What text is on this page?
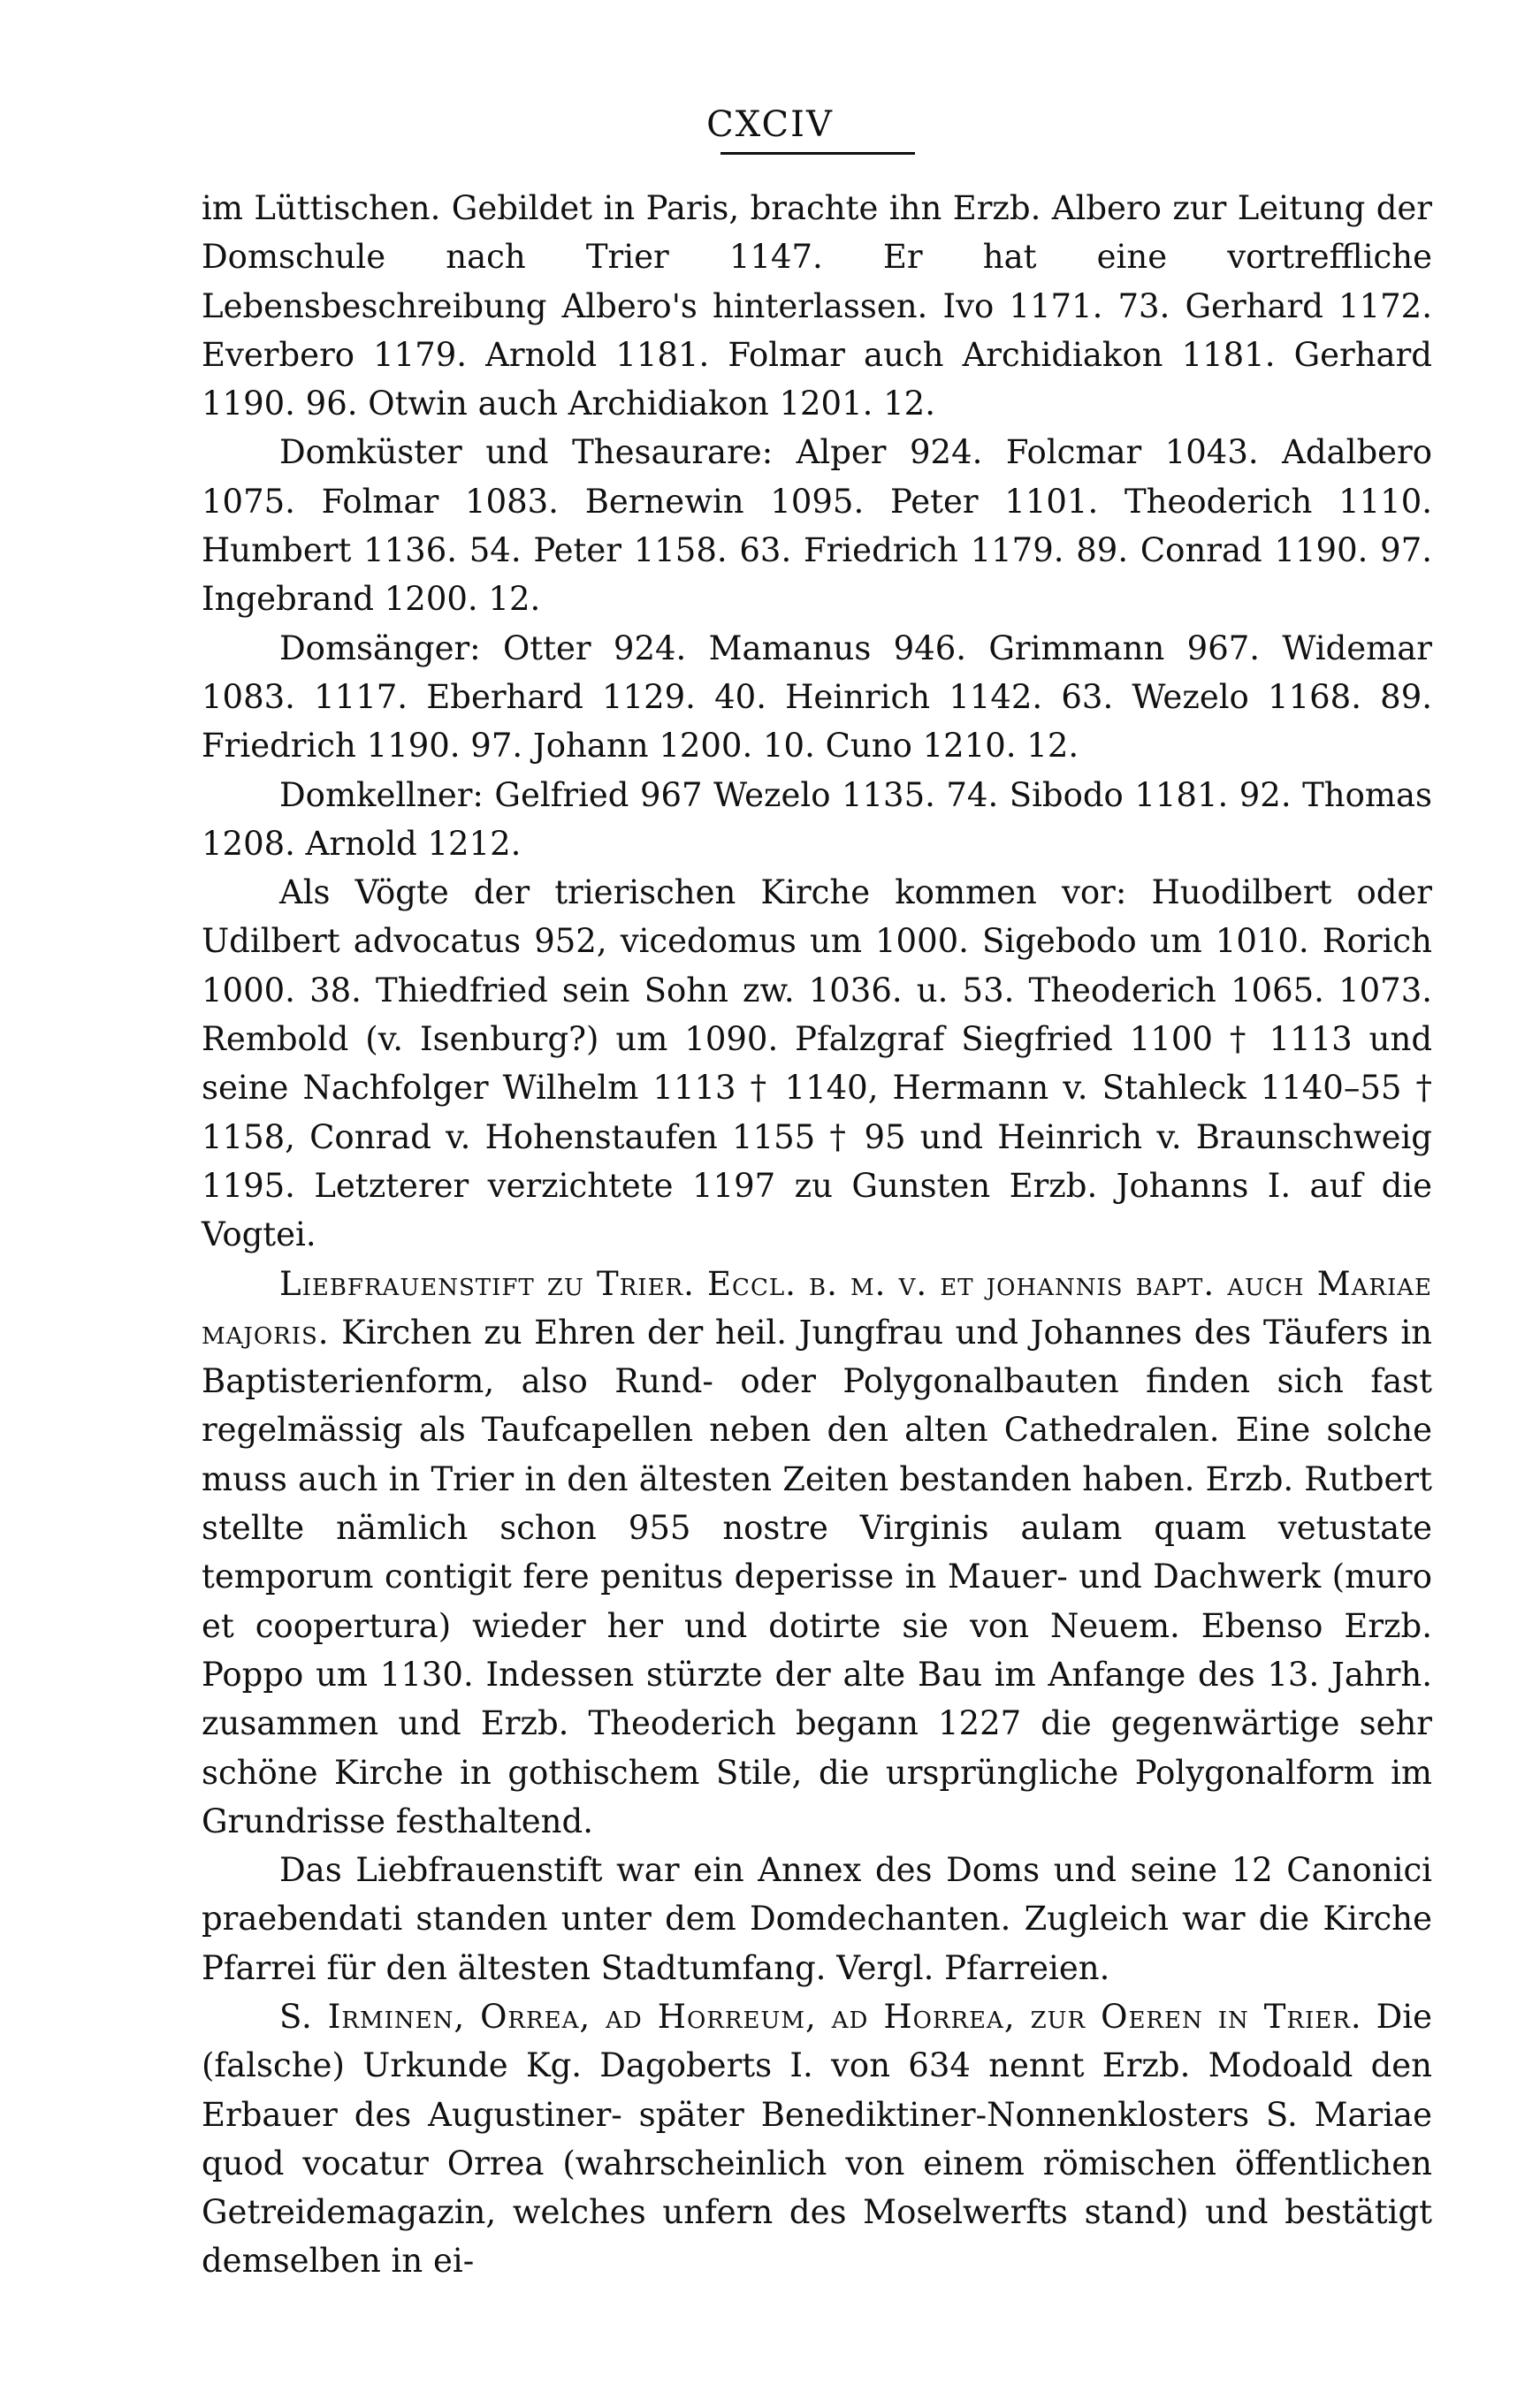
CXCIV

im Lüttischen. Gebildet in Paris, brachte ihn Erzb. Albero zur Leitung der Domschule nach Trier 1147. Er hat eine vortreffliche Lebensbeschreibung Albero's hinterlassen. Ivo 1171. 73. Gerhard 1172. Everbero 1179. Arnold 1181. Folmar auch Archidiakon 1181. Gerhard 1190. 96. Otwin auch Archidiakon 1201. 12.

Domküster und Thesaurare: Alper 924. Folcmar 1043. Adalbero 1075. Folmar 1083. Bernewin 1095. Peter 1101. Theoderich 1110. Humbert 1136. 54. Peter 1158. 63. Friedrich 1179. 89. Conrad 1190. 97. Ingebrand 1200. 12.

Domsänger: Otter 924. Mamanus 946. Grimmann 967. Widemar 1083. 1117. Eberhard 1129. 40. Heinrich 1142. 63. Wezelo 1168. 89. Friedrich 1190. 97. Johann 1200. 10. Cuno 1210. 12.

Domkellner: Gelfried 967 Wezelo 1135. 74. Sibodo 1181. 92. Thomas 1208. Arnold 1212.

Als Vögte der trierischen Kirche kommen vor: Huodilbert oder Udilbert advocatus 952, vicedomus um 1000. Sigebodo um 1010. Rorich 1000. 38. Thiedfried sein Sohn zw. 1036. u. 53. Theoderich 1065. 1073. Rembold (v. Isenburg?) um 1090. Pfalzgraf Siegfried 1100 † 1113 und seine Nachfolger Wilhelm 1113 † 1140, Hermann v. Stahleck 1140–55 † 1158, Conrad v. Hohenstaufen 1155 † 95 und Heinrich v. Braunschweig 1195. Letzterer verzichtete 1197 zu Gunsten Erzb. Johanns I. auf die Vogtei.

Liebfrauenstift zu Trier. Eccl. b. m. v. et johannis bapt. auch Mariae majoris. Kirchen zu Ehren der heil. Jungfrau und Johannes des Täufers in Baptisterienform, also Rund- oder Polygonalbauten finden sich fast regelmässig als Taufcapellen neben den alten Cathedralen. Eine solche muss auch in Trier in den ältesten Zeiten bestanden haben. Erzb. Rutbert stellte nämlich schon 955 nostre Virginis aulam quam vetustate temporum contigit fere penitus deperisse in Mauer- und Dachwerk (muro et coopertura) wieder her und dotirte sie von Neuem. Ebenso Erzb. Poppo um 1130. Indessen stürzte der alte Bau im Anfange des 13. Jahrh. zusammen und Erzb. Theoderich begann 1227 die gegenwärtige sehr schöne Kirche in gothischem Stile, die ursprüngliche Polygonalform im Grundrisse festhaltend.

Das Liebfrauenstift war ein Annex des Doms und seine 12 Canonici praebendati standen unter dem Domdechanten. Zugleich war die Kirche Pfarrei für den ältesten Stadtumfang. Vergl. Pfarreien.

S. Irminen, Orrea, ad Horreum, ad Horrea, zur Oeren in Trier. Die (falsche) Urkunde Kg. Dagoberts I. von 634 nennt Erzb. Modoald den Erbauer des Augustiner- später Benediktiner-Nonnenklosters S. Mariae quod vocatur Orrea (wahrscheinlich von einem römischen öffentlichen Getreidemagazin, welches unfern des Moselwerfts stand) und bestätigt demselben in ei-
